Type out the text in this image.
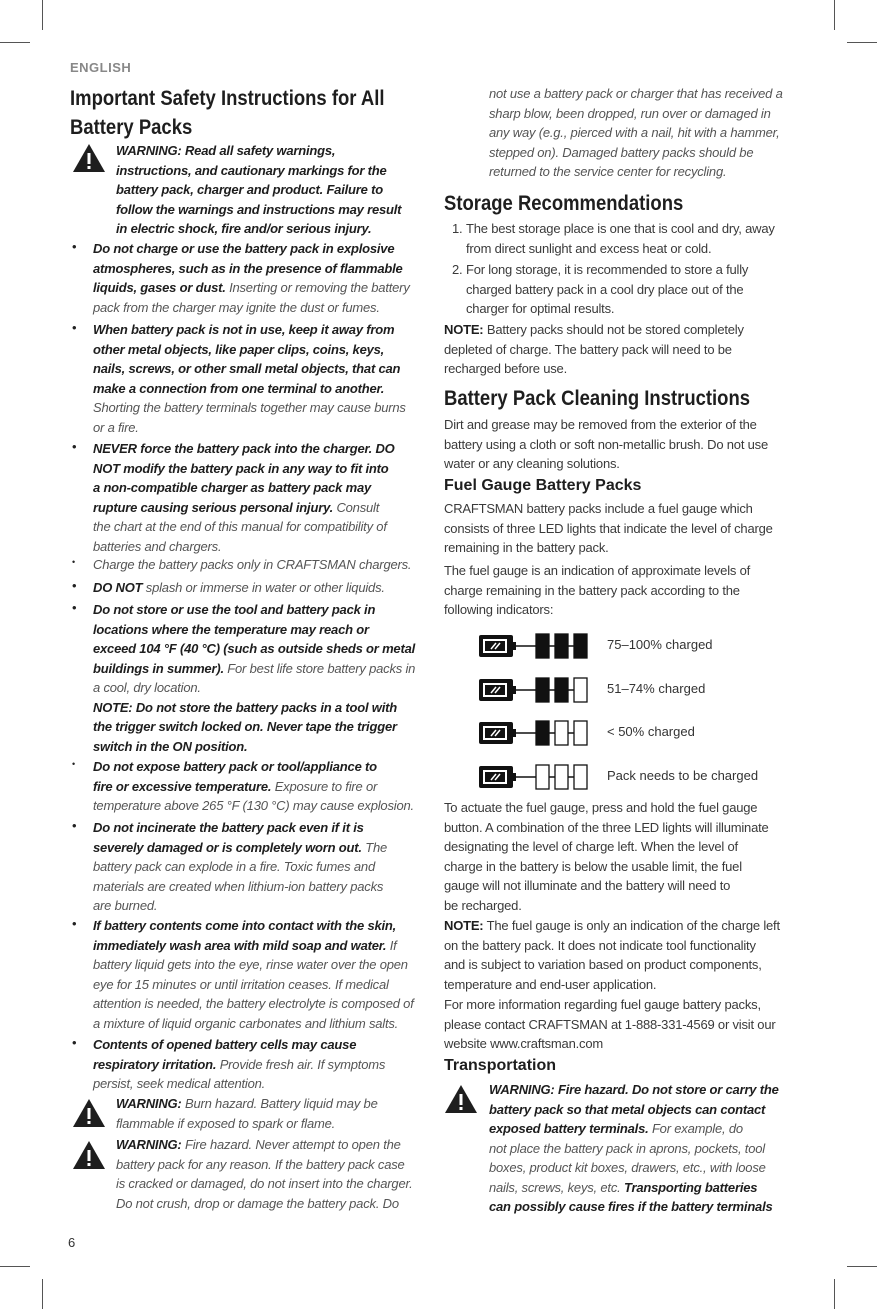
ENGLISH
Important Safety Instructions for All
Battery Packs
WARNING: Read all safety warnings,
instructions, and cautionary markings for the
battery pack, charger and product. Failure to
follow the warnings and instructions may result
in electric shock, fire and/or serious injury.
• Do not charge or use the battery pack in explosive
atmospheres, such as in the presence of flammable
liquids, gases or dust. Inserting or removing the battery
pack from the charger may ignite the dust or fumes.
• When battery pack is not in use, keep it away from
other metal objects, like paper clips, coins, keys,
nails, screws, or other small metal objects, that can
make a connection from one terminal to another.
Shorting the battery terminals together may cause burns
or a fire.
• NEVER force the battery pack into the charger. DO
NOT modify the battery pack in any way to fit into
a non-compatible charger as battery pack may
rupture causing serious personal injury. Consult
the chart at the end of this manual for compatibility of
batteries and chargers.
• Charge the battery packs only in CRAFTSMAN chargers.
• DO NOT splash or immerse in water or other liquids.
• Do not store or use the tool and battery pack in
locations where the temperature may reach or
exceed 104 °F (40 °C) (such as outside sheds or metal
buildings in summer). For best life store battery packs in
a cool, dry location.
NOTE: Do not store the battery packs in a tool with
the trigger switch locked on. Never tape the trigger
switch in the ON position.
• Do not expose battery pack or tool/appliance to
fire or excessive temperature. Exposure to fire or
temperature above 265 °F (130 °C) may cause explosion.
• Do not incinerate the battery pack even if it is
severely damaged or is completely worn out. The
battery pack can explode in a fire. Toxic fumes and
materials are created when lithium-ion battery packs
are burned.
• If battery contents come into contact with the skin,
immediately wash area with mild soap and water. If
battery liquid gets into the eye, rinse water over the open
eye for 15 minutes or until irritation ceases. If medical
attention is needed, the battery electrolyte is composed of
a mixture of liquid organic carbonates and lithium salts.
• Contents of opened battery cells may cause
respiratory irritation. Provide fresh air. If symptoms
persist, seek medical attention.
WARNING: Burn hazard. Battery liquid may be
flammable if exposed to spark or flame.
WARNING: Fire hazard. Never attempt to open the
battery pack for any reason. If the battery pack case
is cracked or damaged, do not insert into the charger.
Do not crush, drop or damage the battery pack. Do
not use a battery pack or charger that has received a
sharp blow, been dropped, run over or damaged in
any way (e.g., pierced with a nail, hit with a hammer,
stepped on). Damaged battery packs should be
returned to the service center for recycling.
Storage Recommendations
1. The best storage place is one that is cool and dry, away
from direct sunlight and excess heat or cold.
2. For long storage, it is recommended to store a fully
charged battery pack in a cool dry place out of the
charger for optimal results.
NOTE: Battery packs should not be stored completely
depleted of charge. The battery pack will need to be
recharged before use.
Battery Pack Cleaning Instructions
Dirt and grease may be removed from the exterior of the
battery using a cloth or soft non-metallic brush. Do not use
water or any cleaning solutions.
Fuel Gauge Battery Packs
CRAFTSMAN battery packs include a fuel gauge which
consists of three LED lights that indicate the level of charge
remaining in the battery pack.
The fuel gauge is an indication of approximate levels of
charge remaining in the battery pack according to the
following indicators:
75–100% charged
51–74% charged
< 50% charged
Pack needs to be charged
To actuate the fuel gauge, press and hold the fuel gauge
button. A combination of the three LED lights will illuminate
designating the level of charge left. When the level of
charge in the battery is below the usable limit, the fuel
gauge will not illuminate and the battery will need to
be recharged.
NOTE: The fuel gauge is only an indication of the charge left
on the battery pack. It does not indicate tool functionality
and is subject to variation based on product components,
temperature and end-user application.
For more information regarding fuel gauge battery packs,
please contact CRAFTSMAN at 1-888-331-4569 or visit our
website www.craftsman.com
Transportation
WARNING: Fire hazard. Do not store or carry the
battery pack so that metal objects can contact
exposed battery terminals. For example, do
not place the battery pack in aprons, pockets, tool
boxes, product kit boxes, drawers, etc., with loose
nails, screws, keys, etc. Transporting batteries
can possibly cause fires if the battery terminals
6
